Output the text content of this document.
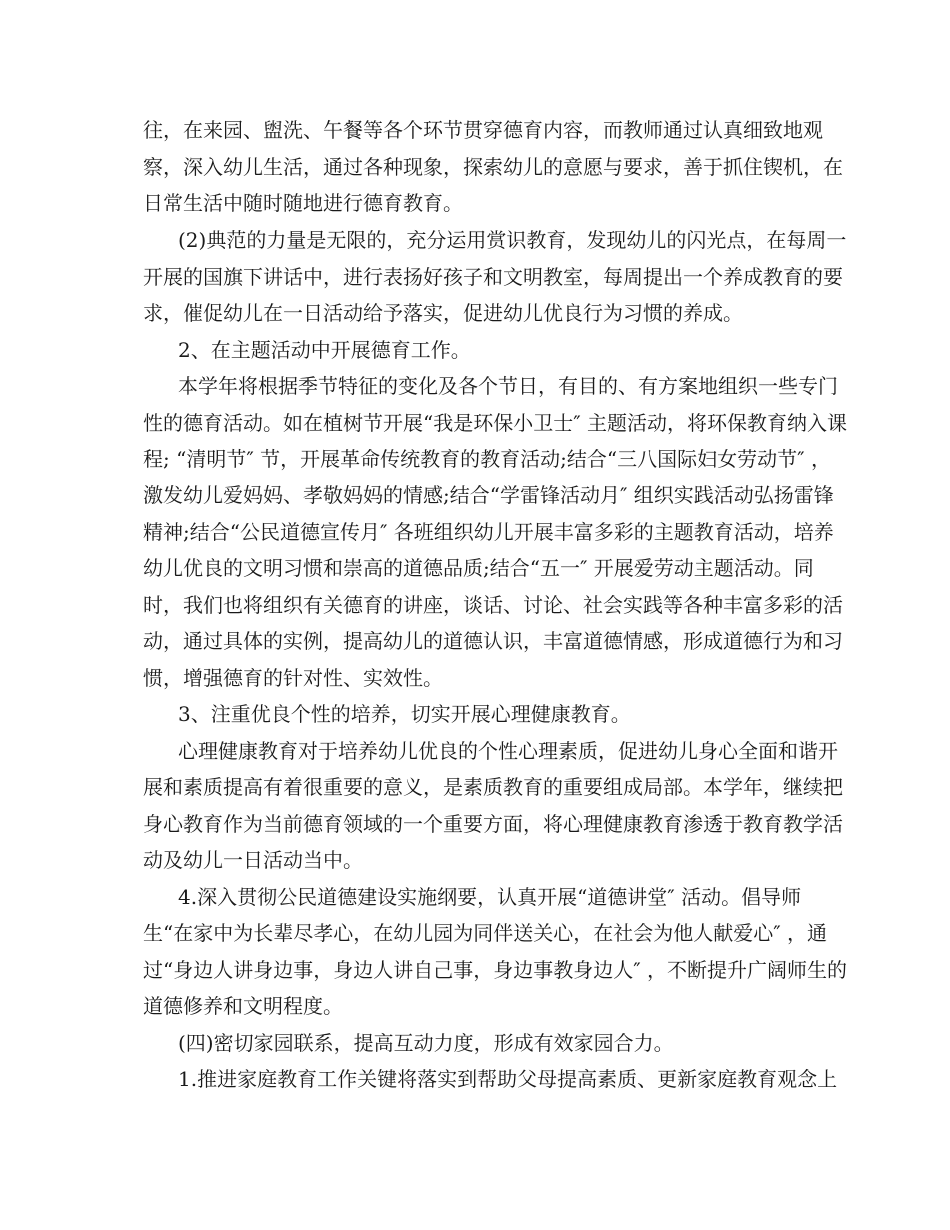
往，在来园、盥洗、午餐等各个环节贯穿德育内容，而教师通过认真细致地观
察，深入幼儿生活，通过各种现象，探索幼儿的意愿与要求，善于抓住锲机，在
日常生活中随时随地进行德育教育。
(2)典范的力量是无限的，充分运用赏识教育，发现幼儿的闪光点，在每周一
开展的国旗下讲话中，进行表扬好孩子和文明教室，每周提出一个养成教育的要
求，催促幼儿在一日活动给予落实，促进幼儿优良行为习惯的养成。
2、在主题活动中开展德育工作。
本学年将根据季节特征的变化及各个节日，有目的、有方案地组织一些专门
性的德育活动。如在植树节开展“我是环保小卫士″ 主题活动，将环保教育纳入课
程; “清明节″ 节，开展革命传统教育的教育活动;结合“三八国际妇女劳动节″ ，
激发幼儿爱妈妈、孝敬妈妈的情感;结合“学雷锋活动月″ 组织实践活动弘扬雷锋
精神;结合“公民道德宣传月″ 各班组织幼儿开展丰富多彩的主题教育活动，培养
幼儿优良的文明习惯和崇高的道德品质;结合“五一″ 开展爱劳动主题活动。同
时，我们也将组织有关德育的讲座，谈话、讨论、社会实践等各种丰富多彩的活
动，通过具体的实例，提高幼儿的道德认识，丰富道德情感，形成道德行为和习
惯，增强德育的针对性、实效性。
3、注重优良个性的培养，切实开展心理健康教育。
心理健康教育对于培养幼儿优良的个性心理素质，促进幼儿身心全面和谐开
展和素质提高有着很重要的意义，是素质教育的重要组成局部。本学年，继续把
身心教育作为当前德育领域的一个重要方面，将心理健康教育渗透于教育教学活
动及幼儿一日活动当中。
4.深入贯彻公民道德建设实施纲要，认真开展“道德讲堂″ 活动。倡导师
生“在家中为长辈尽孝心，在幼儿园为同伴送关心，在社会为他人献爱心″ ，通
过“身边人讲身边事，身边人讲自己事，身边事教身边人″ ，不断提升广阔师生的
道德修养和文明程度。
(四)密切家园联系，提高互动力度，形成有效家园合力。
1.推进家庭教育工作关键将落实到帮助父母提高素质、更新家庭教育观念上
